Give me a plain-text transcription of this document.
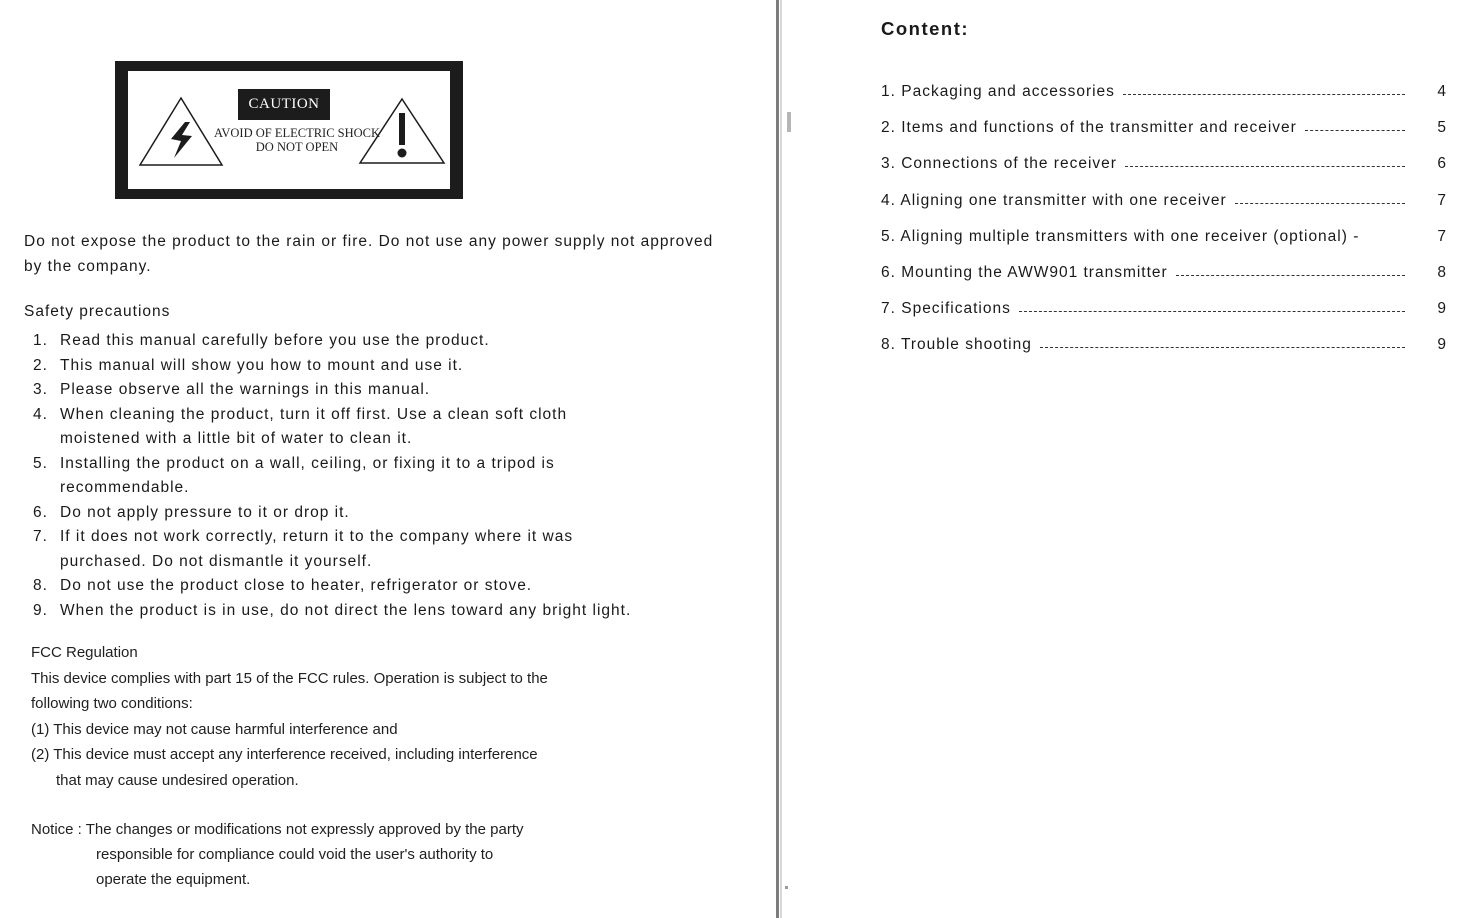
CAUTION
AVOID OF ELECTRIC SHOCK
DO NOT OPEN

Do not expose the product to the rain or fire. Do not use any power supply not approved by the company.

Safety precautions

1. Read this manual carefully before you use the product.
2. This manual will show you how to mount and use it.
3. Please observe all the warnings in this manual.
4. When cleaning the product, turn it off first. Use a clean soft cloth
moistened with a little bit of water to clean it.
5. Installing the product on a wall, ceiling, or fixing it to a tripod is
recommendable.
6. Do not apply pressure to it or drop it.
7. If it does not work correctly, return it to the company where it was
purchased. Do not dismantle it yourself.
8. Do not use the product close to heater, refrigerator or stove.
9. When the product is in use, do not direct the lens toward any bright light.

FCC Regulation

This device complies with part 15 of the FCC rules. Operation is subject to the

following two conditions:

(1) This device may not cause harmful interference and

(2) This device must accept any interference received, including interference

that may cause undesired operation.

Notice : The changes or modifications not expressly approved by the party

responsible for compliance could void the user's authority to

operate the equipment.

Content:
1. Packaging and accessories	4
2. Items and functions of the transmitter and receiver	5
3. Connections of the receiver	6
4. Aligning one transmitter with one receiver	7
5. Aligning multiple transmitters with one receiver (optional) -	7
6. Mounting the AWW901 transmitter	8
7. Specifications	9
8. Trouble shooting	9
